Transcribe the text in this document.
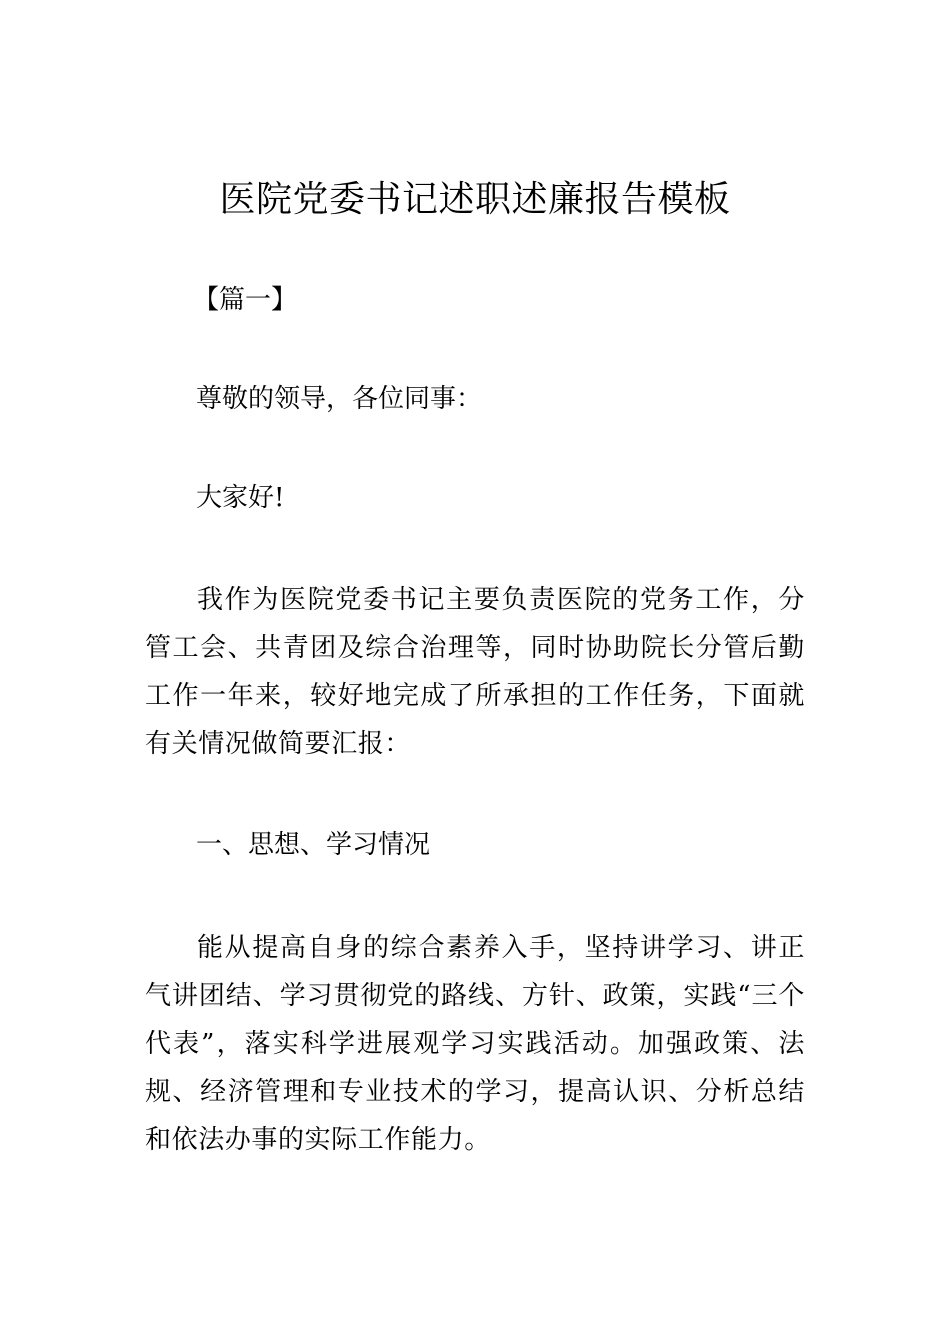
医院党委书记述职述廉报告模板
【篇一】
尊敬的领导，各位同事：
大家好!
我作为医院党委书记主要负责医院的党务工作，分管工会、共青团及综合治理等，同时协助院长分管后勤工作一年来，较好地完成了所承担的工作任务，下面就有关情况做简要汇报：
一、思想、学习情况
能从提高自身的综合素养入手，坚持讲学习、讲正气讲团结、学习贯彻党的路线、方针、政策，实践“三个代表”，落实科学进展观学习实践活动。加强政策、法规、经济管理和专业技术的学习，提高认识、分析总结和依法办事的实际工作能力。
